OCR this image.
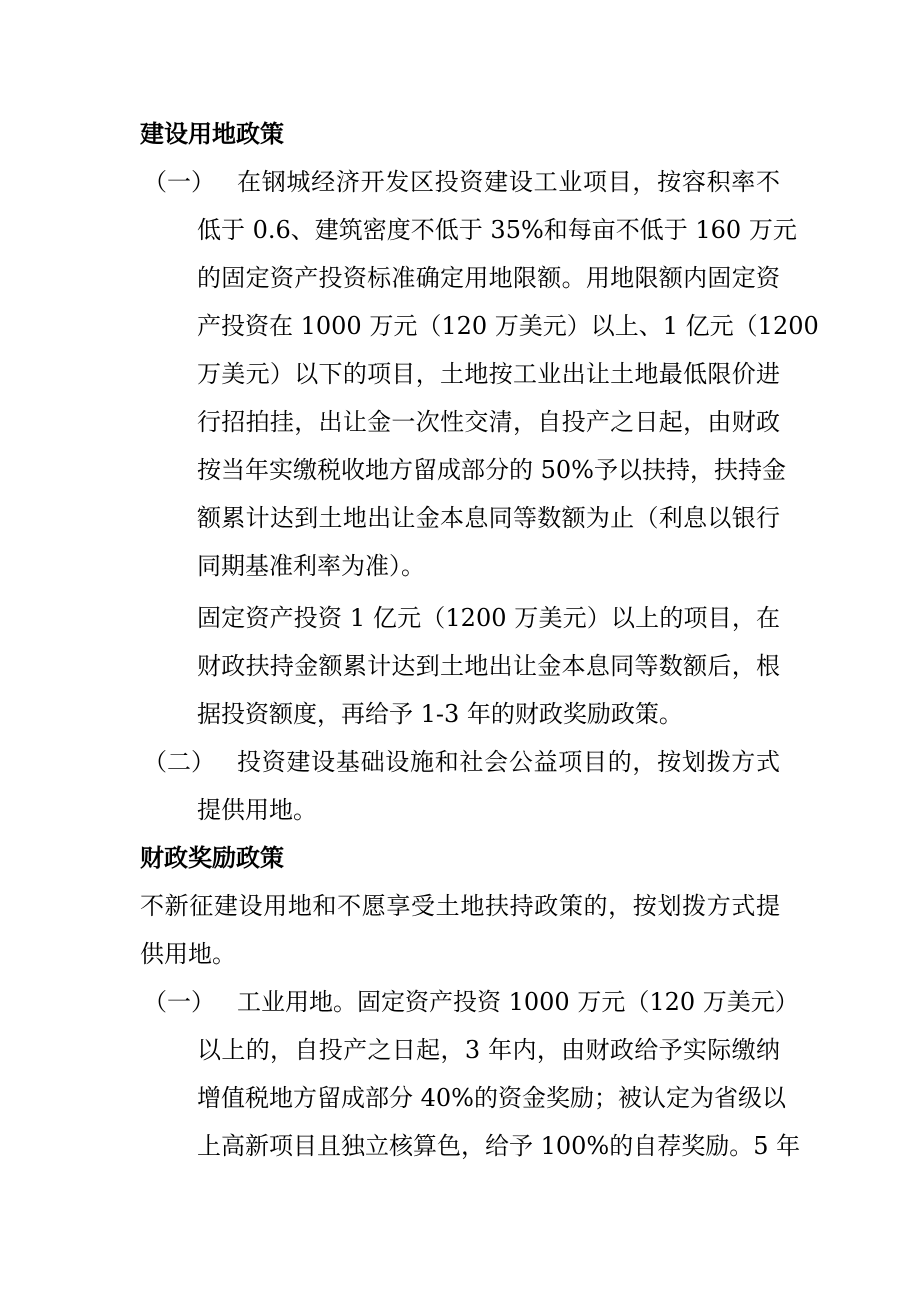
建设用地政策
（一） 在钢城经济开发区投资建设工业项目，按容积率不
低于 0.6、建筑密度不低于 35%和每亩不低于 160 万元
的固定资产投资标准确定用地限额。用地限额内固定资
产投资在 1000 万元（120 万美元）以上、1 亿元（1200
万美元）以下的项目，土地按工业出让土地最低限价进
行招拍挂，出让金一次性交清，自投产之日起，由财政
按当年实缴税收地方留成部分的 50%予以扶持，扶持金
额累计达到土地出让金本息同等数额为止（利息以银行
同期基准利率为准）。
固定资产投资 1 亿元（1200 万美元）以上的项目，在
财政扶持金额累计达到土地出让金本息同等数额后，根
据投资额度，再给予 1-3 年的财政奖励政策。
（二） 投资建设基础设施和社会公益项目的，按划拨方式
提供用地。
财政奖励政策
不新征建设用地和不愿享受土地扶持政策的，按划拨方式提
供用地。
（一） 工业用地。固定资产投资 1000 万元（120 万美元）
以上的，自投产之日起，3 年内，由财政给予实际缴纳
增值税地方留成部分 40%的资金奖励；被认定为省级以
上高新项目且独立核算色，给予 100%的自荐奖励。5 年
